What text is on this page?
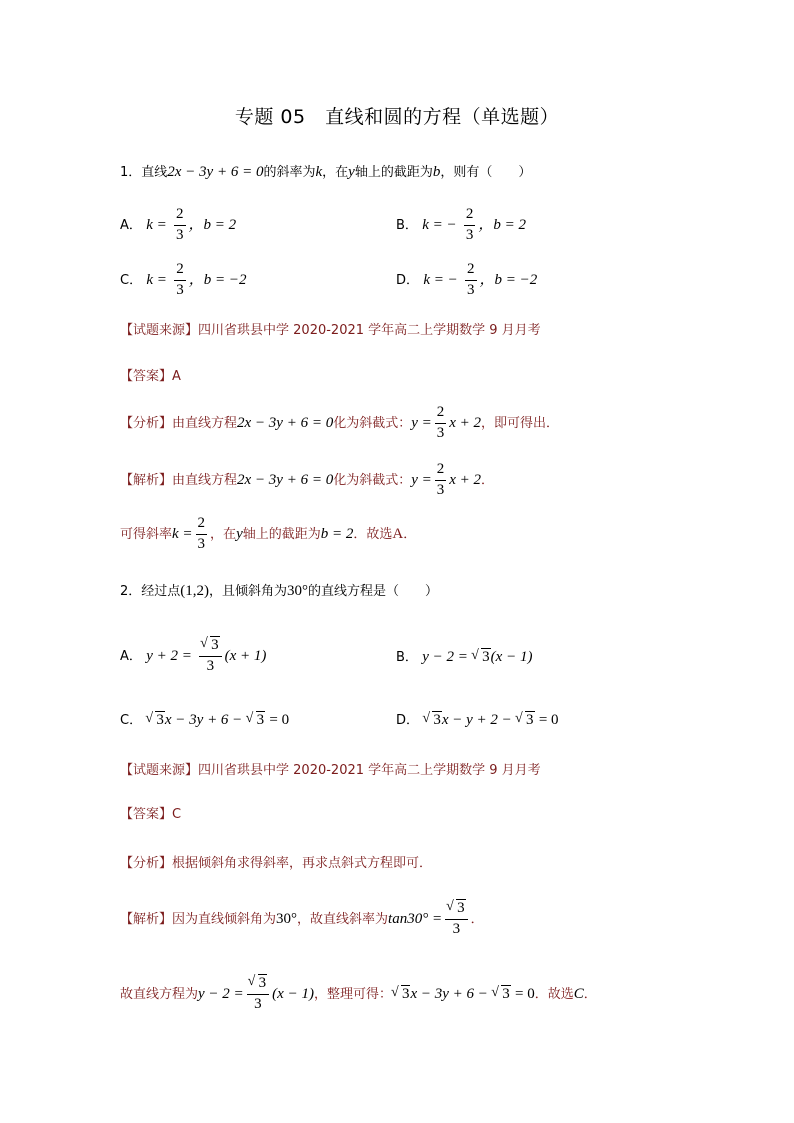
专题 05　直线和圆的方程（单选题）
1．直线2x − 3y + 6 = 0的斜率为k，在y轴上的截距为b，则有（　　）
A． $k = \frac{2}{3}$ ，b = 2	B． k = − $\frac{2}{3}$ ，b = 2
C． $k = \frac{2}{3}$ ，b = −2	D． k = − $\frac{2}{3}$ ，b = −2
【试题来源】四川省珙县中学 2020-2021 学年高二上学期数学 9 月月考
【答案】A
【分析】由直线方程2x − 3y + 6 = 0化为斜截式：$y = \frac{2}{3}$ x + 2，即可得出．
【解析】由直线方程2x − 3y + 6 = 0化为斜截式：$y = \frac{2}{3}$ x + 2．
可得斜率$k = \frac{2}{3}$ ，在y轴上的截距为b = 2．故选A．
2．经过点(1,2)，且倾斜角为30°的直线方程是（　　）
A． y + 2 = √ $\frac{3}{3} (x + 1)$	B． y − 2 = √ 3(x − 1)
C． √ 3x − 3y + 6 − √ 3 = 0	D． √ 3x − y + 2 − √ 3 = 0
【试题来源】四川省珙县中学 2020-2021 学年高二上学期数学 9 月月考
【答案】C
【分析】根据倾斜角求得斜率，再求点斜式方程即可．
【解析】因为直线倾斜角为30°，故直线斜率为tan30° = √ $\frac{3}{3}$ ．
故直线方程为y − 2 = √ $\frac{3}{3} (x - 1)$，整理可得： √ 3x − 3y + 6 − √ 3 = 0．故选C．
